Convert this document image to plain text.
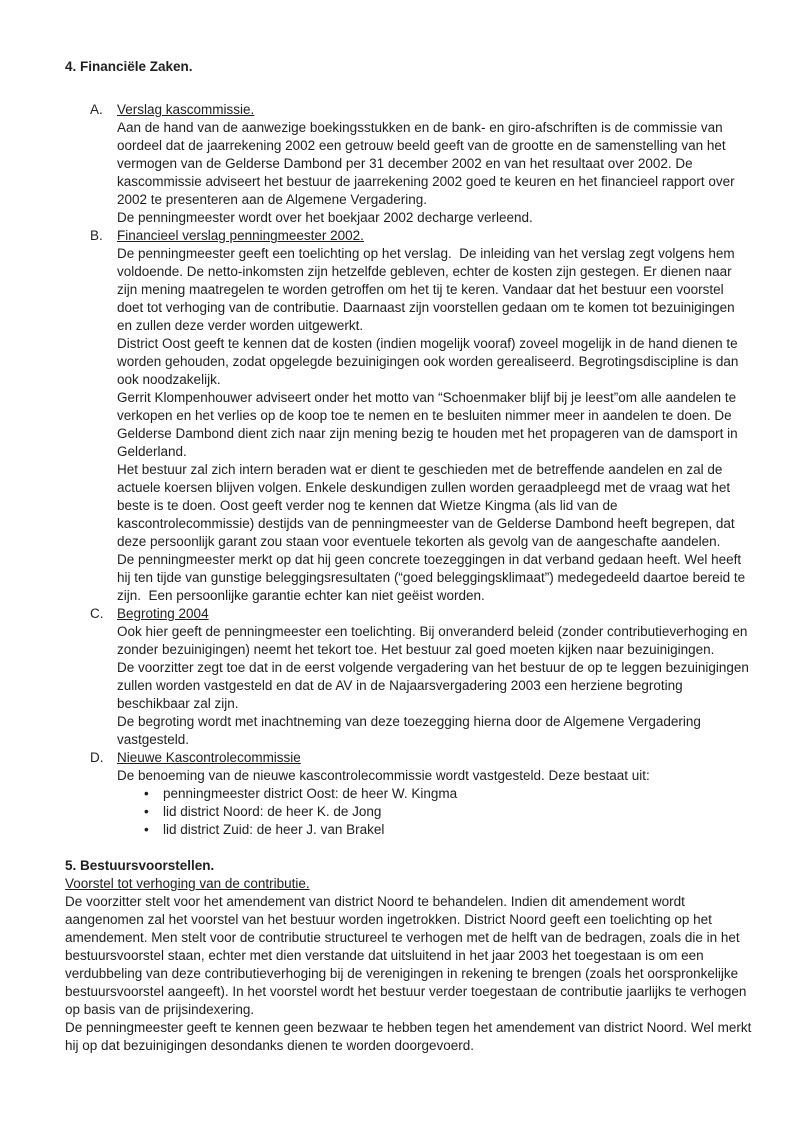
4. Financiële Zaken.
A.	Verslag kascommissie.

Aan de hand van de aanwezige boekingsstukken en de bank- en giro-afschriften is de commissie van oordeel dat de jaarrekening 2002 een getrouw beeld geeft van de grootte en de samenstelling van het vermogen van de Gelderse Dambond per 31 december 2002 en van het resultaat over 2002. De kascommissie adviseert het bestuur de jaarrekening 2002 goed te keuren en het financieel rapport over 2002 te presenteren aan de Algemene Vergadering.

De penningmeester wordt over het boekjaar 2002 decharge verleend.

B.	Financieel verslag penningmeester 2002.

De penningmeester geeft een toelichting op het verslag.  De inleiding van het verslag zegt volgens hem voldoende. De netto-inkomsten zijn hetzelfde gebleven, echter de kosten zijn gestegen. Er dienen naar zijn mening maatregelen te worden getroffen om het tij te keren. Vandaar dat het bestuur een voorstel doet tot verhoging van de contributie. Daarnaast zijn voorstellen gedaan om te komen tot bezuinigingen en zullen deze verder worden uitgewerkt.

District Oost geeft te kennen dat de kosten (indien mogelijk vooraf) zoveel mogelijk in de hand dienen te worden gehouden, zodat opgelegde bezuinigingen ook worden gerealiseerd. Begrotingsdiscipline is dan ook noodzakelijk.

Gerrit Klompenhouwer adviseert onder het motto van “Schoenmaker blijf bij je leest”om alle aandelen te verkopen en het verlies op de koop toe te nemen en te besluiten nimmer meer in aandelen te doen. De Gelderse Dambond dient zich naar zijn mening bezig te houden met het propageren van de damsport in Gelderland.

Het bestuur zal zich intern beraden wat er dient te geschieden met de betreffende aandelen en zal de actuele koersen blijven volgen. Enkele deskundigen zullen worden geraadpleegd met de vraag wat het beste is te doen. Oost geeft verder nog te kennen dat Wietze Kingma (als lid van de kascontrolecommissie) destijds van de penningmeester van de Gelderse Dambond heeft begrepen, dat deze persoonlijk garant zou staan voor eventuele tekorten als gevolg van de aangeschafte aandelen.

De penningmeester merkt op dat hij geen concrete toezeggingen in dat verband gedaan heeft. Wel heeft hij ten tijde van gunstige beleggingsresultaten (“goed beleggingsklimaat”) medegedeeld daartoe bereid te zijn.  Een persoonlijke garantie echter kan niet geëist worden.

C.	Begroting 2004

Ook hier geeft de penningmeester een toelichting. Bij onveranderd beleid (zonder contributieverhoging en zonder bezuinigingen) neemt het tekort toe. Het bestuur zal goed moeten kijken naar bezuinigingen.

De voorzitter zegt toe dat in de eerst volgende vergadering van het bestuur de op te leggen bezuinigingen zullen worden vastgesteld en dat de AV in de Najaarsvergadering 2003 een herziene begroting beschikbaar zal zijn.

De begroting wordt met inachtneming van deze toezegging hierna door de Algemene Vergadering vastgesteld.

D.	Nieuwe Kascontrolecommissie

De benoeming van de nieuwe kascontrolecommissie wordt vastgesteld. Deze bestaat uit:

•	penningmeester district Oost: de heer W. Kingma
•	lid district Noord: de heer K. de Jong
•	lid district Zuid: de heer J. van Brakel
5. Bestuursvoorstellen.
Voorstel tot verhoging van de contributie.

De voorzitter stelt voor het amendement van district Noord te behandelen. Indien dit amendement wordt aangenomen zal het voorstel van het bestuur worden ingetrokken. District Noord geeft een toelichting op het amendement. Men stelt voor de contributie structureel te verhogen met de helft van de bedragen, zoals die in het bestuursvoorstel staan, echter met dien verstande dat uitsluitend in het jaar 2003 het toegestaan is om een verdubbeling van deze contributieverhoging bij de verenigingen in rekening te brengen (zoals het oorspronkelijke bestuursvoorstel aangeeft). In het voorstel wordt het bestuur verder toegestaan de contributie jaarlijks te verhogen op basis van de prijsindexering.

De penningmeester geeft te kennen geen bezwaar te hebben tegen het amendement van district Noord. Wel merkt hij op dat bezuinigingen desondanks dienen te worden doorgevoerd.
